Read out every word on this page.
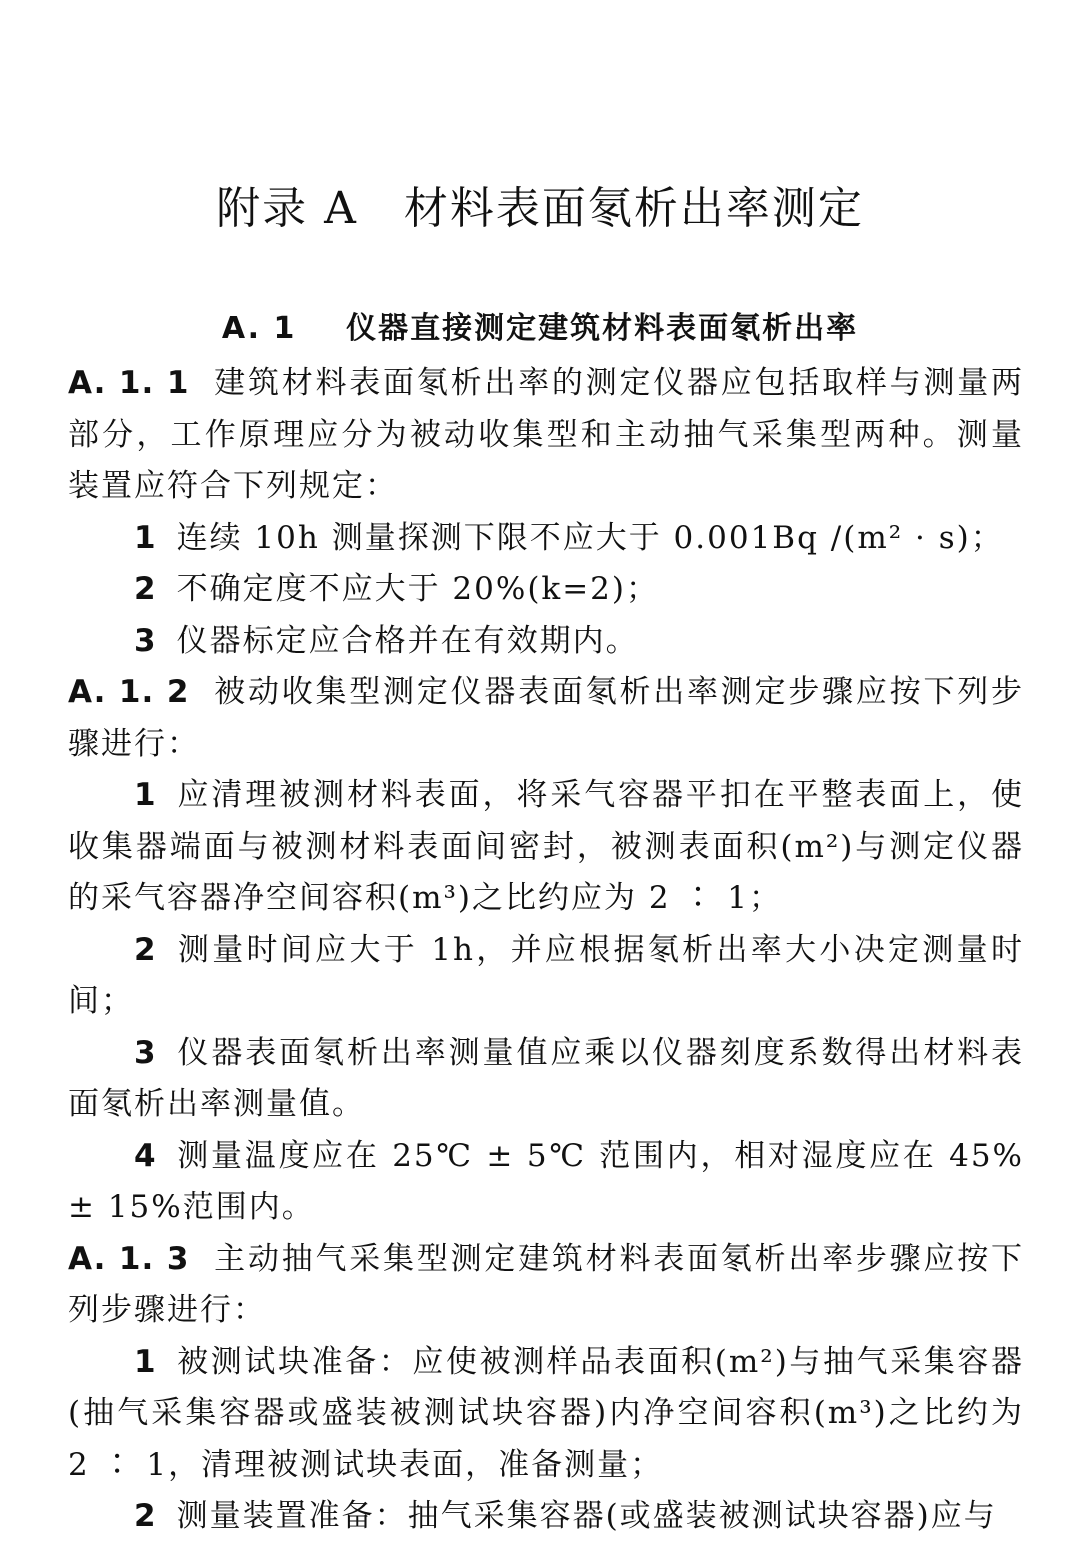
附录 A　材料表面氡析出率测定
A. 1 仪器直接测定建筑材料表面氡析出率

A. 1. 1 建筑材料表面氡析出率的测定仪器应包括取样与测量两部分，工作原理应分为被动收集型和主动抽气采集型两种。测量装置应符合下列规定：

1 连续 10h 测量探测下限不应大于 0.001Bq /(m² · s)；

2 不确定度不应大于 20%(k=2)；

3 仪器标定应合格并在有效期内。

A. 1. 2 被动收集型测定仪器表面氡析出率测定步骤应按下列步骤进行：

1 应清理被测材料表面，将采气容器平扣在平整表面上，使收集器端面与被测材料表面间密封，被测表面积(m²)与测定仪器的采气容器净空间容积(m³)之比约应为 2 ∶ 1；

2 测量时间应大于 1h，并应根据氡析出率大小决定测量时间；

3 仪器表面氡析出率测量值应乘以仪器刻度系数得出材料表面氡析出率测量值。

4 测量温度应在 25℃ ± 5℃ 范围内，相对湿度应在 45% ± 15%范围内。

A. 1. 3 主动抽气采集型测定建筑材料表面氡析出率步骤应按下列步骤进行：

1 被测试块准备：应使被测样品表面积(m²)与抽气采集容器(抽气采集容器或盛装被测试块容器)内净空间容积(m³)之比约为 2 ∶ 1，清理被测试块表面，准备测量；

2 测量装置准备：抽气采集容器(或盛装被测试块容器)应与
